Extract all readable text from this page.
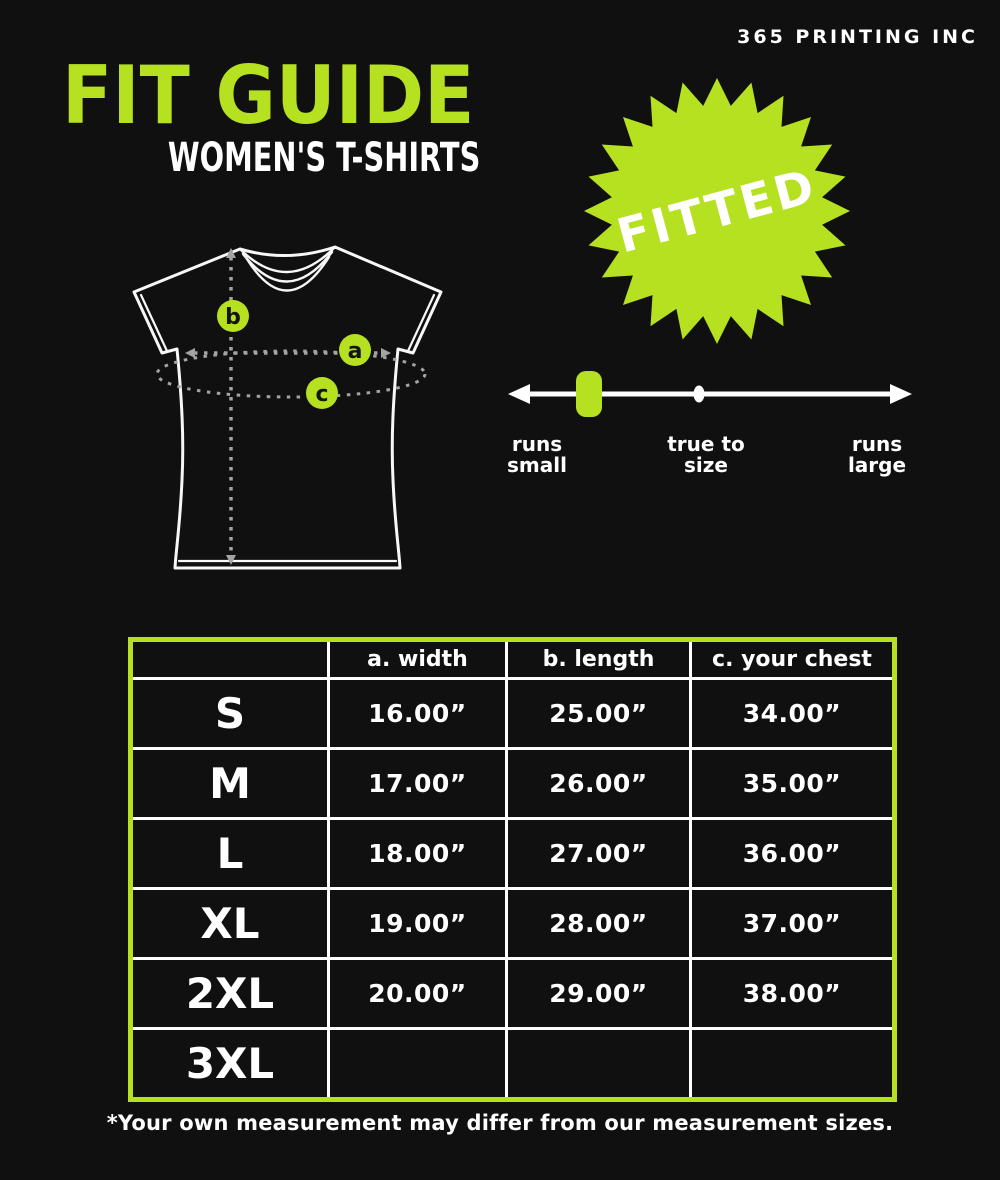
365 PRINTING INC
FIT GUIDE
WOMEN'S T-SHIRTS
b
a
c
FITTED
runs
small
true to
size
runs
large
	a. width	b. length	c. your chest
S	16.00”	25.00”	34.00”
M	17.00”	26.00”	35.00”
L	18.00”	27.00”	36.00”
XL	19.00”	28.00”	37.00”
2XL	20.00”	29.00”	38.00”
3XL			
*Your own measurement may differ from our measurement sizes.
